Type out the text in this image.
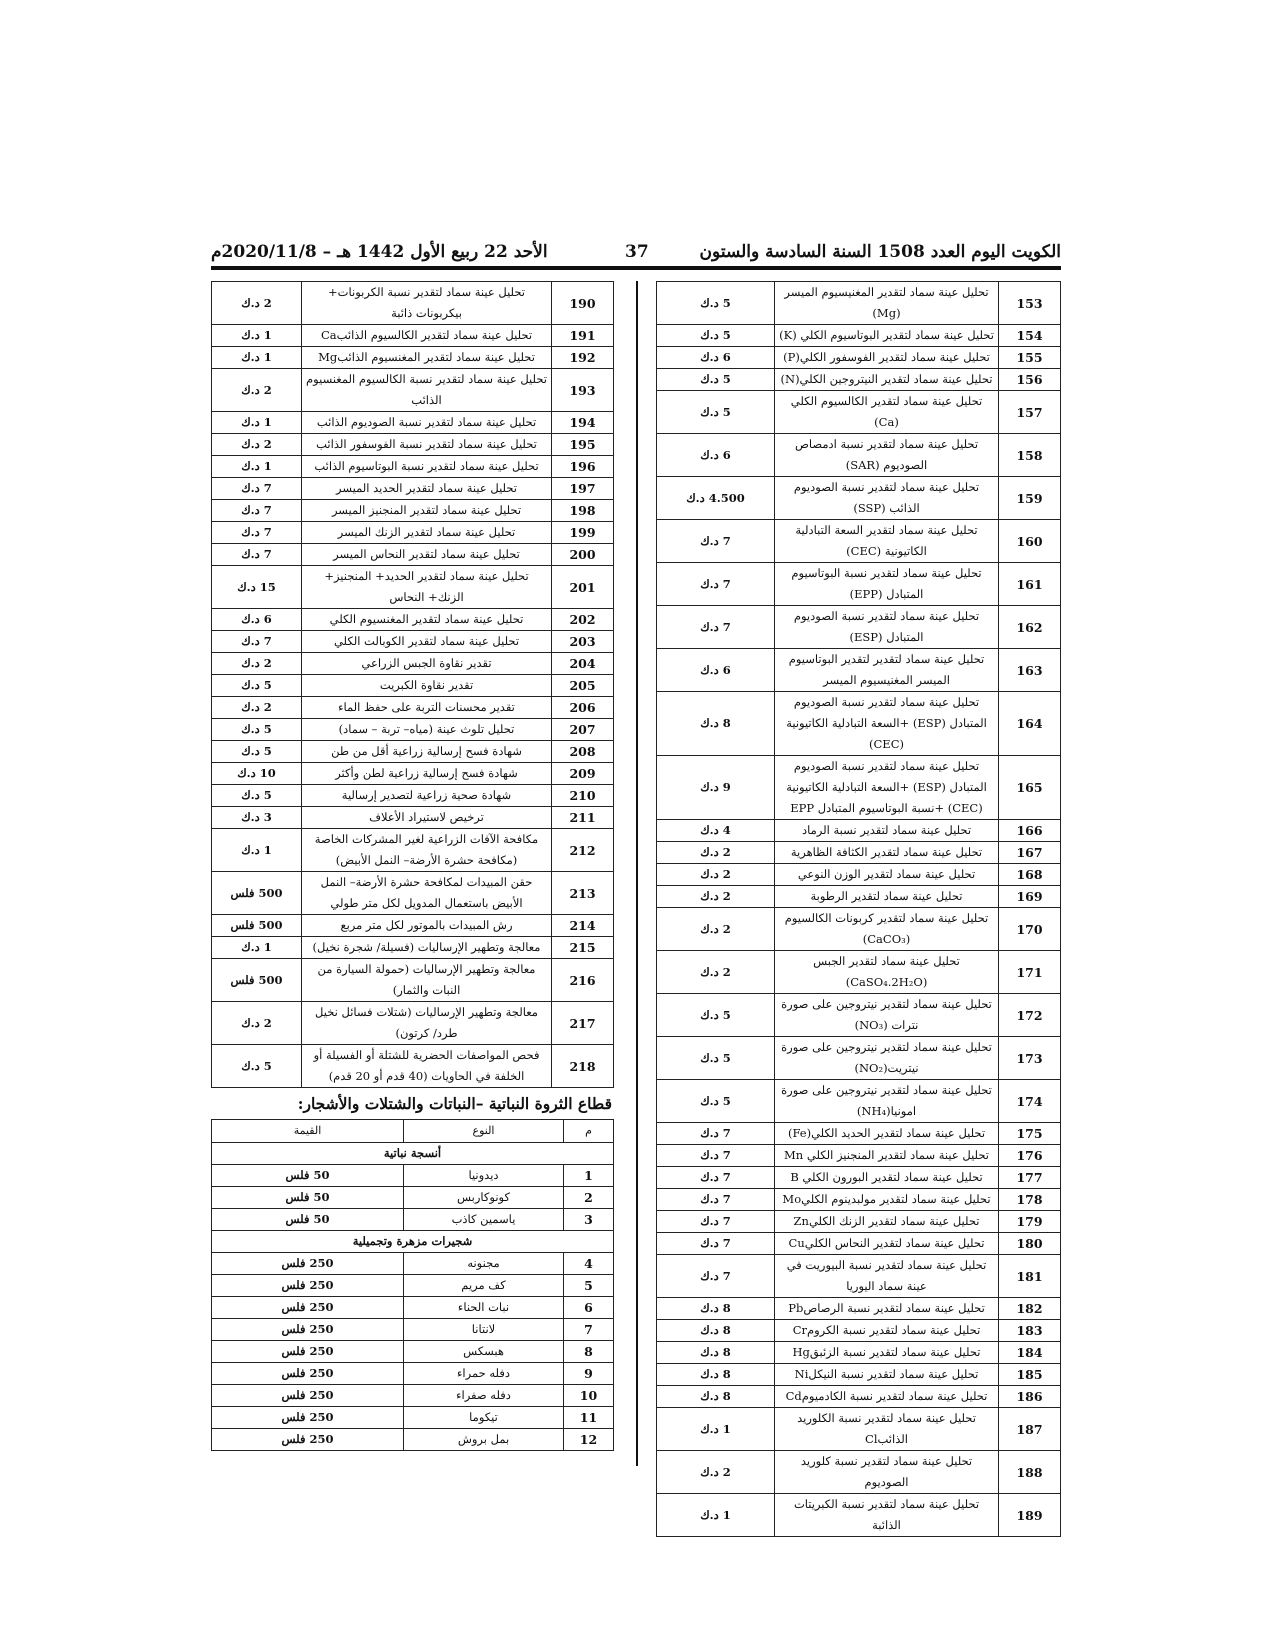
الكويت اليوم العدد 1508 السنة السادسة والستون
37
الأحد 22 ربيع الأول 1442 هـ – 2020/11/8م
153	تحليل عينة سماد لتقدير المغنيسيوم الميسر (Mg)	5 د.ك
154	تحليل عينة سماد لتقدير البوتاسيوم الكلي (K)	5 د.ك
155	تحليل عينة سماد لتقدير الفوسفور الكلي(P)	6 د.ك
156	تحليل عينة سماد لتقدير النيتروجين الكلي(N)	5 د.ك
157	تحليل عينة سماد لتقدير الكالسيوم الكلي (Ca)	5 د.ك
158	تحليل عينة سماد لتقدير نسبة ادمصاص الصوديوم (SAR)	6 د.ك
159	تحليل عينة سماد لتقدير نسبة الصوديوم الذائب (SSP)	4.500 د.ك
160	تحليل عينة سماد لتقدير السعة التبادلية الكاتيونية (CEC)	7 د.ك
161	تحليل عينة سماد لتقدير نسبة البوتاسيوم المتبادل (EPP)	7 د.ك
162	تحليل عينة سماد لتقدير نسبة الصوديوم المتبادل (ESP)	7 د.ك
163	تحليل عينة سماد لتقدير لتقدير البوتاسيوم الميسر المغنيسيوم الميسر	6 د.ك
164	تحليل عينة سماد لتقدير نسبة الصوديوم المتبادل (ESP) +السعة التبادلية الكاتيونية (CEC)	8 د.ك
165	تحليل عينة سماد لتقدير نسبة الصوديوم المتبادل (ESP) +السعة التبادلية الكاتيونية (CEC) +نسبة البوتاسيوم المتبادل EPP	9 د.ك
166	تحليل عينة سماد لتقدير نسبة الرماد	4 د.ك
167	تحليل عينة سماد لتقدير الكثافة الظاهرية	2 د.ك
168	تحليل عينة سماد لتقدير الوزن النوعي	2 د.ك
169	تحليل عينة سماد لتقدير الرطوبة	2 د.ك
170	تحليل عينة سماد لتقدير كربونات الكالسيوم (CaCO₃)	2 د.ك
171	تحليل عينة سماد لتقدير الجبس (CaSO₄.2H₂O)	2 د.ك
172	تحليل عينة سماد لتقدير نيتروجين على صورة نترات (NO₃)	5 د.ك
173	تحليل عينة سماد لتقدير نيتروجين على صورة نيتريت(NO₂)	5 د.ك
174	تحليل عينة سماد لتقدير نيتروجين على صورة امونيا(NH₄)	5 د.ك
175	تحليل عينة سماد لتقدير الحديد الكلي(Fe)	7 د.ك
176	تحليل عينة سماد لتقدير المنجنيز الكلي Mn	7 د.ك
177	تحليل عينة سماد لتقدير البورون الكلي B	7 د.ك
178	تحليل عينة سماد لتقدير مولبدينوم الكليMo	7 د.ك
179	تحليل عينة سماد لتقدير الزنك الكليZn	7 د.ك
180	تحليل عينة سماد لتقدير النحاس الكليCu	7 د.ك
181	تحليل عينة سماد لتقدير نسبة البيوريت في عينة سماد اليوريا	7 د.ك
182	تحليل عينة سماد لتقدير نسبة الرصاصPb	8 د.ك
183	تحليل عينة سماد لتقدير نسبة الكرومCr	8 د.ك
184	تحليل عينة سماد لتقدير نسبة الزئبقHg	8 د.ك
185	تحليل عينة سماد لتقدير نسبة النيكلNi	8 د.ك
186	تحليل عينة سماد لتقدير نسبة الكادميومCd	8 د.ك
187	تحليل عينة سماد لتقدير نسبة الكلوريد الذائبCl	1 د.ك
188	تحليل عينة سماد لتقدير نسبة كلوريد الصوديوم	2 د.ك
189	تحليل عينة سماد لتقدير نسبة الكبريتات الذائبة	1 د.ك
190	تحليل عينة سماد لتقدير نسبة الكربونات+ بيكربونات ذائبة	2 د.ك
191	تحليل عينة سماد لتقدير الكالسيوم الذائبCa	1 د.ك
192	تحليل عينة سماد لتقدير المغنسيوم الذائبMg	1 د.ك
193	تحليل عينة سماد لتقدير نسبة الكالسيوم المغنسيوم الذائب	2 د.ك
194	تحليل عينة سماد لتقدير نسبة الصوديوم الذائب	1 د.ك
195	تحليل عينة سماد لتقدير نسبة الفوسفور الذائب	2 د.ك
196	تحليل عينة سماد لتقدير نسبة البوتاسيوم الذائب	1 د.ك
197	تحليل عينة سماد لتقدير الحديد الميسر	7 د.ك
198	تحليل عينة سماد لتقدير المنجنيز الميسر	7 د.ك
199	تحليل عينة سماد لتقدير الزنك الميسر	7 د.ك
200	تحليل عينة سماد لتقدير النحاس الميسر	7 د.ك
201	تحليل عينة سماد لتقدير الحديد+ المنجنيز+ الزنك+ النحاس	15 د.ك
202	تحليل عينة سماد لتقدير المغنسيوم الكلي	6 د.ك
203	تحليل عينة سماد لتقدير الكوبالت الكلي	7 د.ك
204	تقدير نقاوة الجبس الزراعي	2 د.ك
205	تقدير نقاوة الكبريت	5 د.ك
206	تقدير محسنات التربة على حفظ الماء	2 د.ك
207	تحليل تلوث عينة (مياه– تربة – سماد)	5 د.ك
208	شهادة فسح إرسالية زراعية أقل من طن	5 د.ك
209	شهادة فسح إرسالية زراعية لطن وأكثر	10 د.ك
210	شهادة صحية زراعية لتصدير إرسالية	5 د.ك
211	ترخيص لاستيراد الأعلاف	3 د.ك
212	مكافحة الآفات الزراعية لغير المشركات الخاصة (مكافحة حشرة الأرضة– النمل الأبيض)	1 د.ك
213	حقن المبيدات لمكافحة حشرة الأرضة– النمل الأبيض باستعمال المدويل لكل متر طولي	500 فلس
214	رش المبيدات بالموتور لكل متر مربع	500 فلس
215	معالجة وتطهير الإرساليات (فسيلة/ شجرة نخيل)	1 د.ك
216	معالجة وتطهير الإرساليات (حمولة السيارة من النبات والثمار)	500 فلس
217	معالجة وتطهير الإرساليات (شتلات فسائل نخيل طرد/ كرتون)	2 د.ك
218	فحص المواصفات الحضرية للشتلة أو الفسيلة أو الخلفة في الحاويات (40 قدم أو 20 قدم)	5 د.ك
قطاع الثروة النباتية –النباتات والشتلات والأشجار:
م	النوع	القيمة
أنسجة نباتية		
1	ديدونيا	50 فلس
2	كونوكاربس	50 فلس
3	ياسمين كاذب	50 فلس
شجيرات مزهرة وتجميلية		
4	مجنونه	250 فلس
5	كف مريم	250 فلس
6	نبات الحناء	250 فلس
7	لانتانا	250 فلس
8	هبسكس	250 فلس
9	دفله حمراء	250 فلس
10	دفله صفراء	250 فلس
11	تيكوما	250 فلس
12	بمل بروش	250 فلس
